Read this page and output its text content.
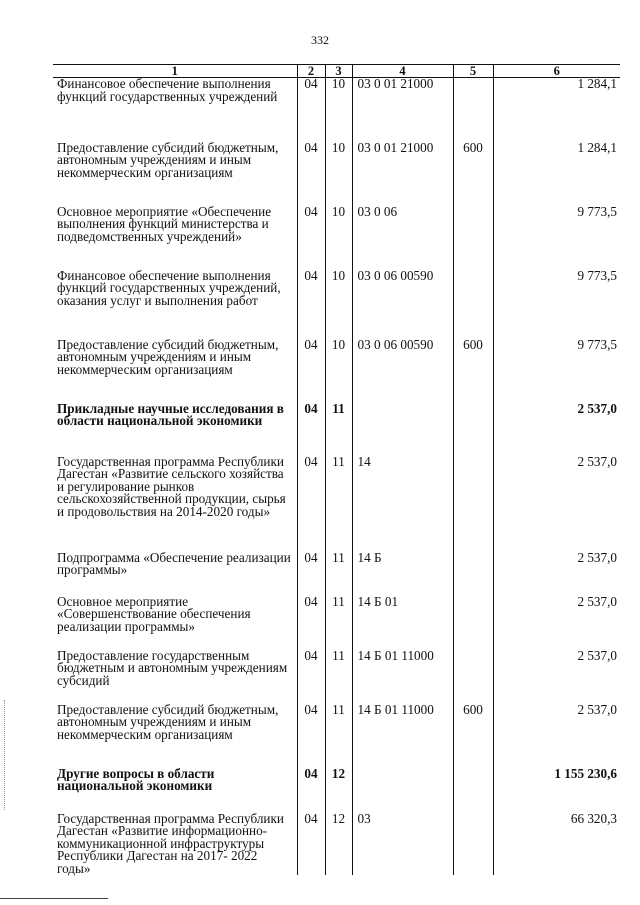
332
1	2	3	4	5	6
Финансовое обеспечение выполнения функций государственных учреждений	04	10	03 0 01 21000		1 284,1
Предоставление субсидий бюджетным, автономным учреждениям и иным некоммерческим организациям	04	10	03 0 01 21000	600	1 284,1
Основное мероприятие «Обеспечение выполнения функций министерства и подведомственных учреждений»	04	10	03 0 06		9 773,5
Финансовое обеспечение выполнения функций государственных учреждений, оказания услуг и выполнения работ	04	10	03 0 06 00590		9 773,5
Предоставление субсидий бюджетным, автономным учреждениям и иным некоммерческим организациям	04	10	03 0 06 00590	600	9 773,5
Прикладные научные исследования в области национальной экономики	04	11			2 537,0
Государственная программа Республики Дагестан «Развитие сельского хозяйства и регулирование рынков сельскохозяйственной продукции, сырья и продовольствия на 2014-2020 годы»	04	11	14		2 537,0
Подпрограмма «Обеспечение реализации программы»	04	11	14 Б		2 537,0
Основное мероприятие «Совершенствование обеспечения реализации программы»	04	11	14 Б 01		2 537,0
Предоставление государственным бюджетным и автономным учреждениям субсидий	04	11	14 Б 01 11000		2 537,0
Предоставление субсидий бюджетным, автономным учреждениям и иным некоммерческим организациям	04	11	14 Б 01 11000	600	2 537,0
Другие вопросы в области национальной экономики	04	12			1 155 230,6
Государственная программа Республики Дагестан «Развитие информационно-коммуникационной инфраструктуры Республики Дагестан на 2017- 2022 годы»	04	12	03		66 320,3
